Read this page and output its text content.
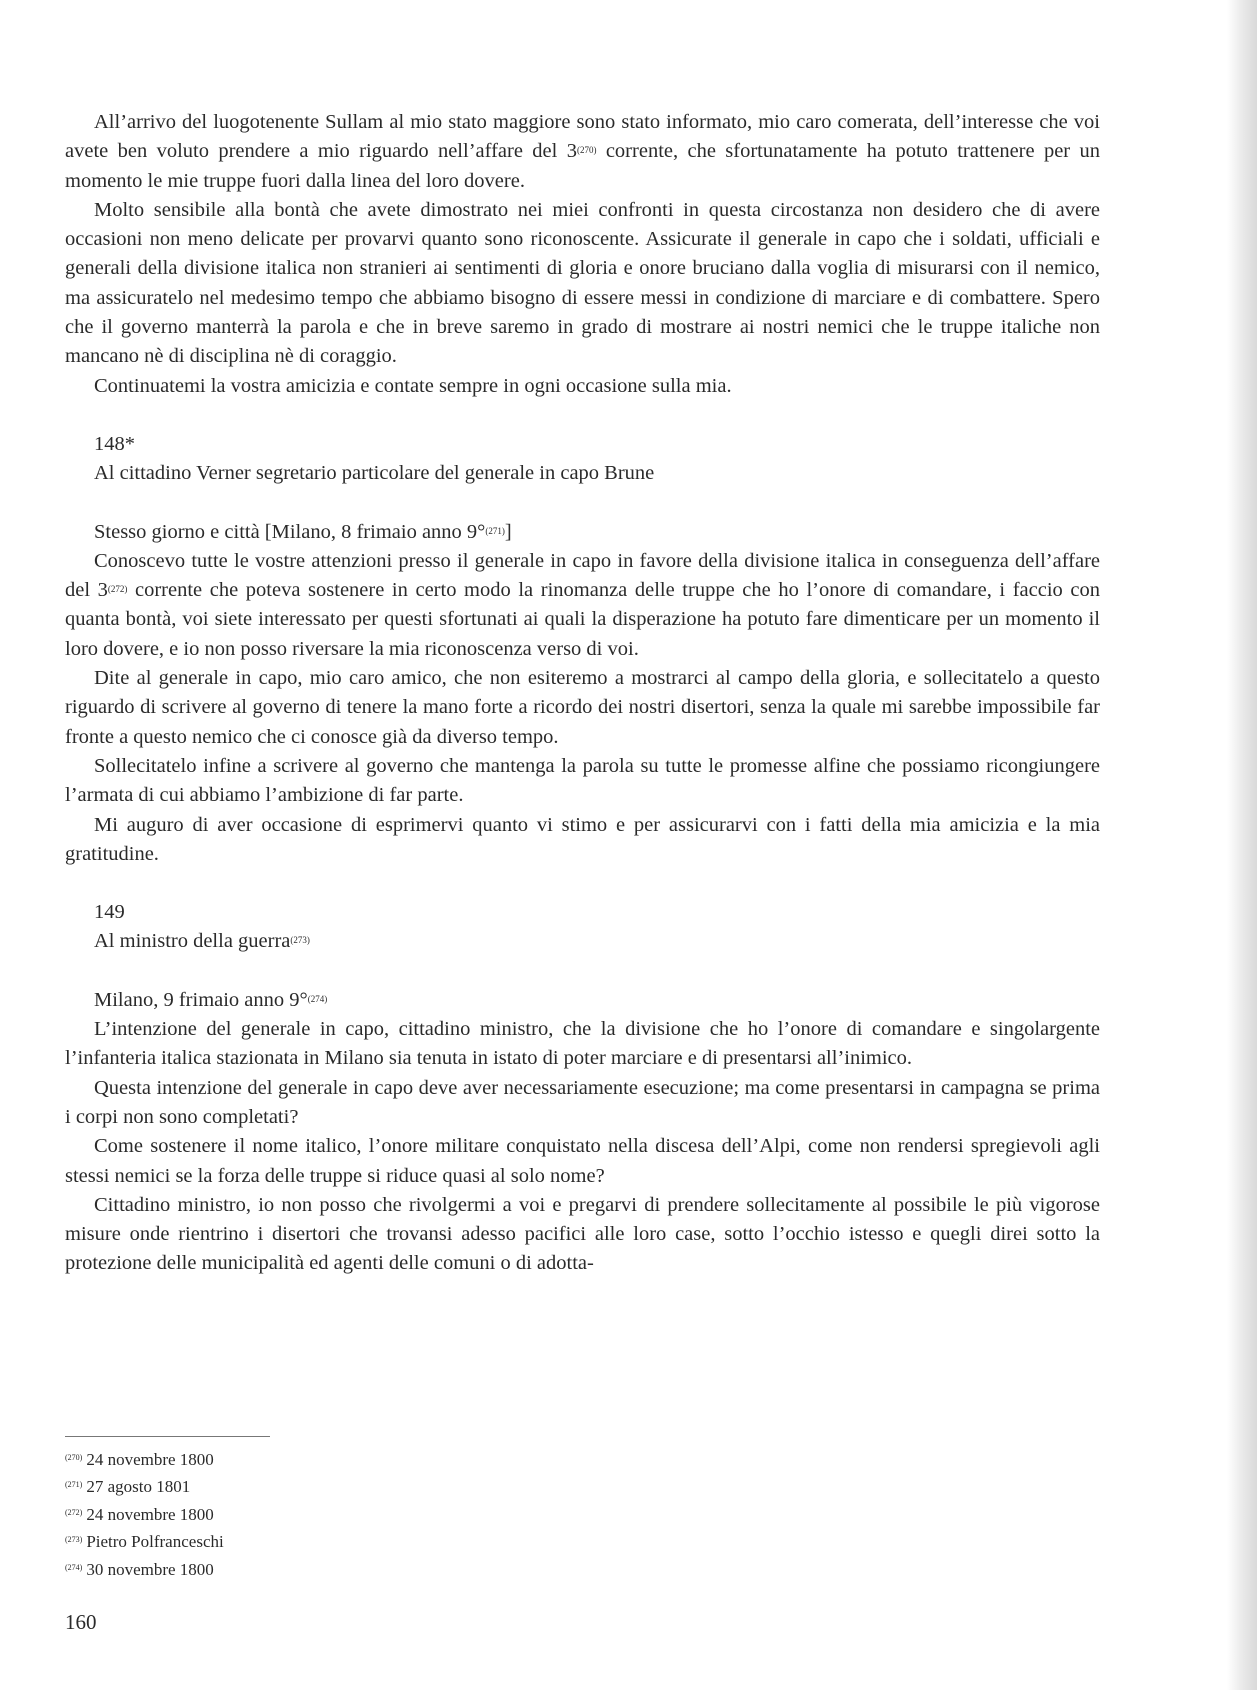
All’arrivo del luogotenente Sullam al mio stato maggiore sono stato informato, mio caro comerata, dell’interesse che voi avete ben voluto prendere a mio riguardo nell’affare del 3$^{(270)}$ corrente, che sfortunatamente ha potuto trattenere per un momento le mie truppe fuori dalla linea del loro dovere.

Molto sensibile alla bontà che avete dimostrato nei miei confronti in questa circostanza non desidero che di avere occasioni non meno delicate per provarvi quanto sono riconoscente. Assicurate il generale in capo che i soldati, ufficiali e generali della divisione italica non stranieri ai sentimenti di gloria e onore bruciano dalla voglia di misurarsi con il nemico, ma assicuratelo nel medesimo tempo che abbiamo bisogno di essere messi in condizione di marciare e di combattere. Spero che il governo manterrà la parola e che in breve saremo in grado di mostrare ai nostri nemici che le truppe italiche non mancano nè di disciplina nè di coraggio.

Continuatemi la vostra amicizia e contate sempre in ogni occasione sulla mia.

148*

Al cittadino Verner segretario particolare del generale in capo Brune

Stesso giorno e città [Milano, 8 frimaio anno 9°$^{(271)}$]

Conoscevo tutte le vostre attenzioni presso il generale in capo in favore della divisione italica in conseguenza dell’affare del 3$^{(272)}$ corrente che poteva sostenere in certo modo la rinomanza delle truppe che ho l’onore di comandare, i faccio con quanta bontà, voi siete interessato per questi sfortunati ai quali la disperazione ha potuto fare dimenticare per un momento il loro dovere, e io non posso riversare la mia riconoscenza verso di voi.

Dite al generale in capo, mio caro amico, che non esiteremo a mostrarci al campo della gloria, e sollecitatelo a questo riguardo di scrivere al governo di tenere la mano forte a ricordo dei nostri disertori, senza la quale mi sarebbe impossibile far fronte a questo nemico che ci conosce già da diverso tempo.

Sollecitatelo infine a scrivere al governo che mantenga la parola su tutte le promesse alfine che possiamo ricongiungere l’armata di cui abbiamo l’ambizione di far parte.

Mi auguro di aver occasione di esprimervi quanto vi stimo e per assicurarvi con i fatti della mia amicizia e la mia gratitudine.

149

Al ministro della guerra$^{(273)}$

Milano, 9 frimaio anno 9°$^{(274)}$

L’intenzione del generale in capo, cittadino ministro, che la divisione che ho l’onore di comandare e singolargente l’infanteria italica stazionata in Milano sia tenuta in istato di poter marciare e di presentarsi all’inimico.

Questa intenzione del generale in capo deve aver necessariamente esecuzione; ma come presentarsi in campagna se prima i corpi non sono completati?

Come sostenere il nome italico, l’onore militare conquistato nella discesa dell’Alpi, come non rendersi spregievoli agli stessi nemici se la forza delle truppe si riduce quasi al solo nome?

Cittadino ministro, io non posso che rivolgermi a voi e pregarvi di prendere sollecitamente al possibile le più vigorose misure onde rientrino i disertori che trovansi adesso pacifici alle loro case, sotto l’occhio istesso e quegli direi sotto la protezione delle municipalità ed agenti delle comuni o di adotta-

$^{(270)}$ 24 novembre 1800
$^{(271)}$ 27 agosto 1801
$^{(272)}$ 24 novembre 1800
$^{(273)}$ Pietro Polfranceschi
$^{(274)}$ 30 novembre 1800
160
